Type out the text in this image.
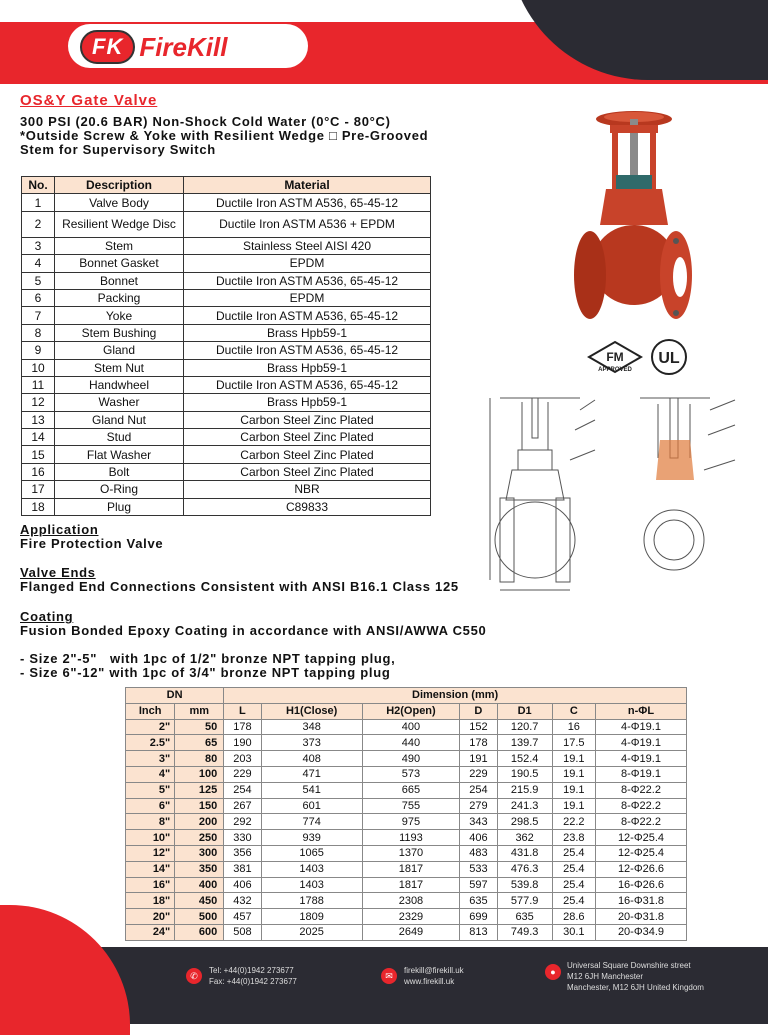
FK FireKill
OS&Y Gate Valve
300 PSI (20.6 BAR) Non-Shock Cold Water (0°C - 80°C)
*Outside Screw & Yoke with Resilient Wedge □ Pre-Grooved
Stem for Supervisory Switch
No.	Description	Material
1	Valve Body	Ductile Iron ASTM A536, 65-45-12
2	Resilient Wedge Disc	Ductile Iron ASTM A536 + EPDM
3	Stem	Stainless Steel AISI 420
4	Bonnet Gasket	EPDM
5	Bonnet	Ductile Iron ASTM A536, 65-45-12
6	Packing	EPDM
7	Yoke	Ductile Iron ASTM A536, 65-45-12
8	Stem Bushing	Brass Hpb59-1
9	Gland	Ductile Iron ASTM A536, 65-45-12
10	Stem Nut	Brass Hpb59-1
11	Handwheel	Ductile Iron ASTM A536, 65-45-12
12	Washer	Brass Hpb59-1
13	Gland Nut	Carbon Steel Zinc Plated
14	Stud	Carbon Steel Zinc Plated
15	Flat Washer	Carbon Steel Zinc Plated
16	Bolt	Carbon Steel Zinc Plated
17	O-Ring	NBR
18	Plug	C89833
FM
APPROVED
UL
Application
Fire Protection Valve
Valve Ends
Flanged End Connections Consistent with ANSI B16.1 Class 125
Coating
Fusion Bonded Epoxy Coating in accordance with ANSI/AWWA C550
- Size 2"-5"   with 1pc of 1/2" bronze NPT tapping plug,
- Size 6"-12" with 1pc of 3/4" bronze NPT tapping plug
DN		Dimension (mm)						
Inch	mm	L	H1(Close)	H2(Open)	D	D1	C	n-ΦL
2"	50	178	348	400	152	120.7	16	4-Φ19.1
2.5"	65	190	373	440	178	139.7	17.5	4-Φ19.1
3"	80	203	408	490	191	152.4	19.1	4-Φ19.1
4"	100	229	471	573	229	190.5	19.1	8-Φ19.1
5"	125	254	541	665	254	215.9	19.1	8-Φ22.2
6"	150	267	601	755	279	241.3	19.1	8-Φ22.2
8"	200	292	774	975	343	298.5	22.2	8-Φ22.2
10"	250	330	939	1193	406	362	23.8	12-Φ25.4
12"	300	356	1065	1370	483	431.8	25.4	12-Φ25.4
14"	350	381	1403	1817	533	476.3	25.4	12-Φ26.6
16"	400	406	1403	1817	597	539.8	25.4	16-Φ26.6
18"	450	432	1788	2308	635	577.9	25.4	16-Φ31.8
20"	500	457	1809	2329	699	635	28.6	20-Φ31.8
24"	600	508	2025	2649	813	749.3	30.1	20-Φ34.9
✆
Tel: +44(0)1942 273677
Fax: +44(0)1942 273677
✉
firekill@firekill.uk
www.firekill.uk
●
Universal Square Downshire street
M12 6JH Manchester
Manchester, M12 6JH United Kingdom
